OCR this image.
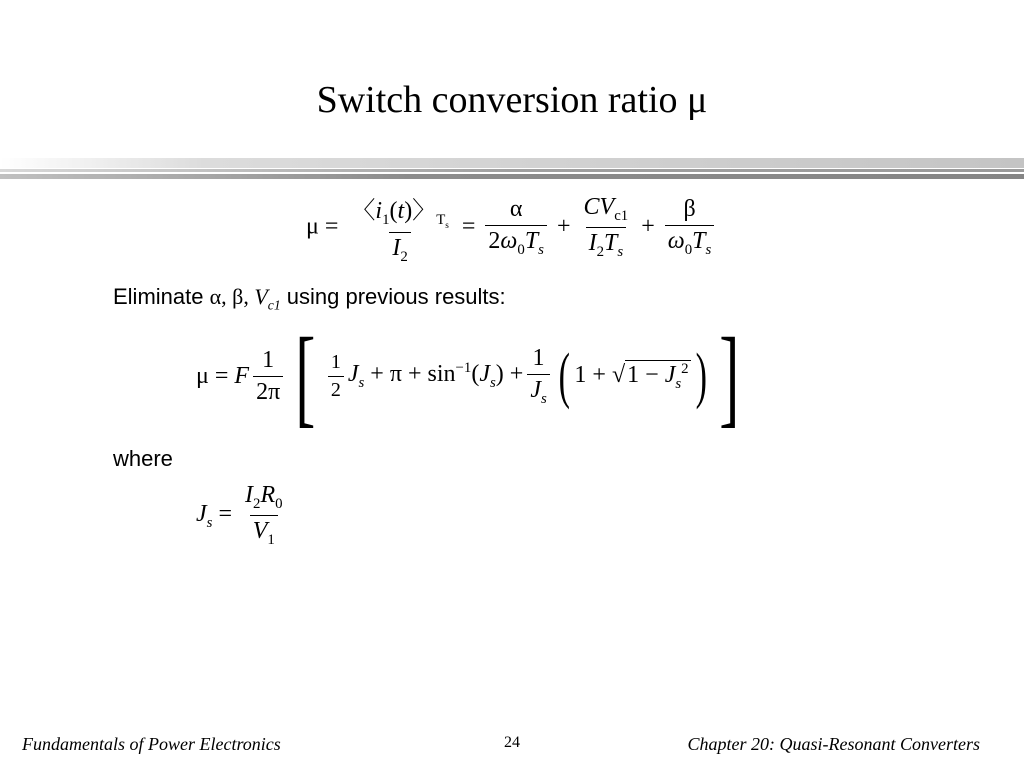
Switch conversion ratio μ
$\mu = \frac{〈i_1(t)〉_{T_s}}{I_2} = \frac{\alpha}{2\omega_0T_s} + \frac{CV_{c1}}{I_2T_s} + \frac{\beta}{\omega_0T_s}$
Eliminate α, β, $V_{c1}$ using previous results:
μ = F $\frac{1}{2\pi}$ [ $\frac{1}{2} J_s + \pi + \sin^{-1}(J_s) + \frac{1}{J_s}$ ( $1 + √1 - J_s^2$ ) ]
where
$J_s = \frac{I_2R_0}{V_1}$
Fundamentals of Power Electronics	24	Chapter 20: Quasi-Resonant Converters
